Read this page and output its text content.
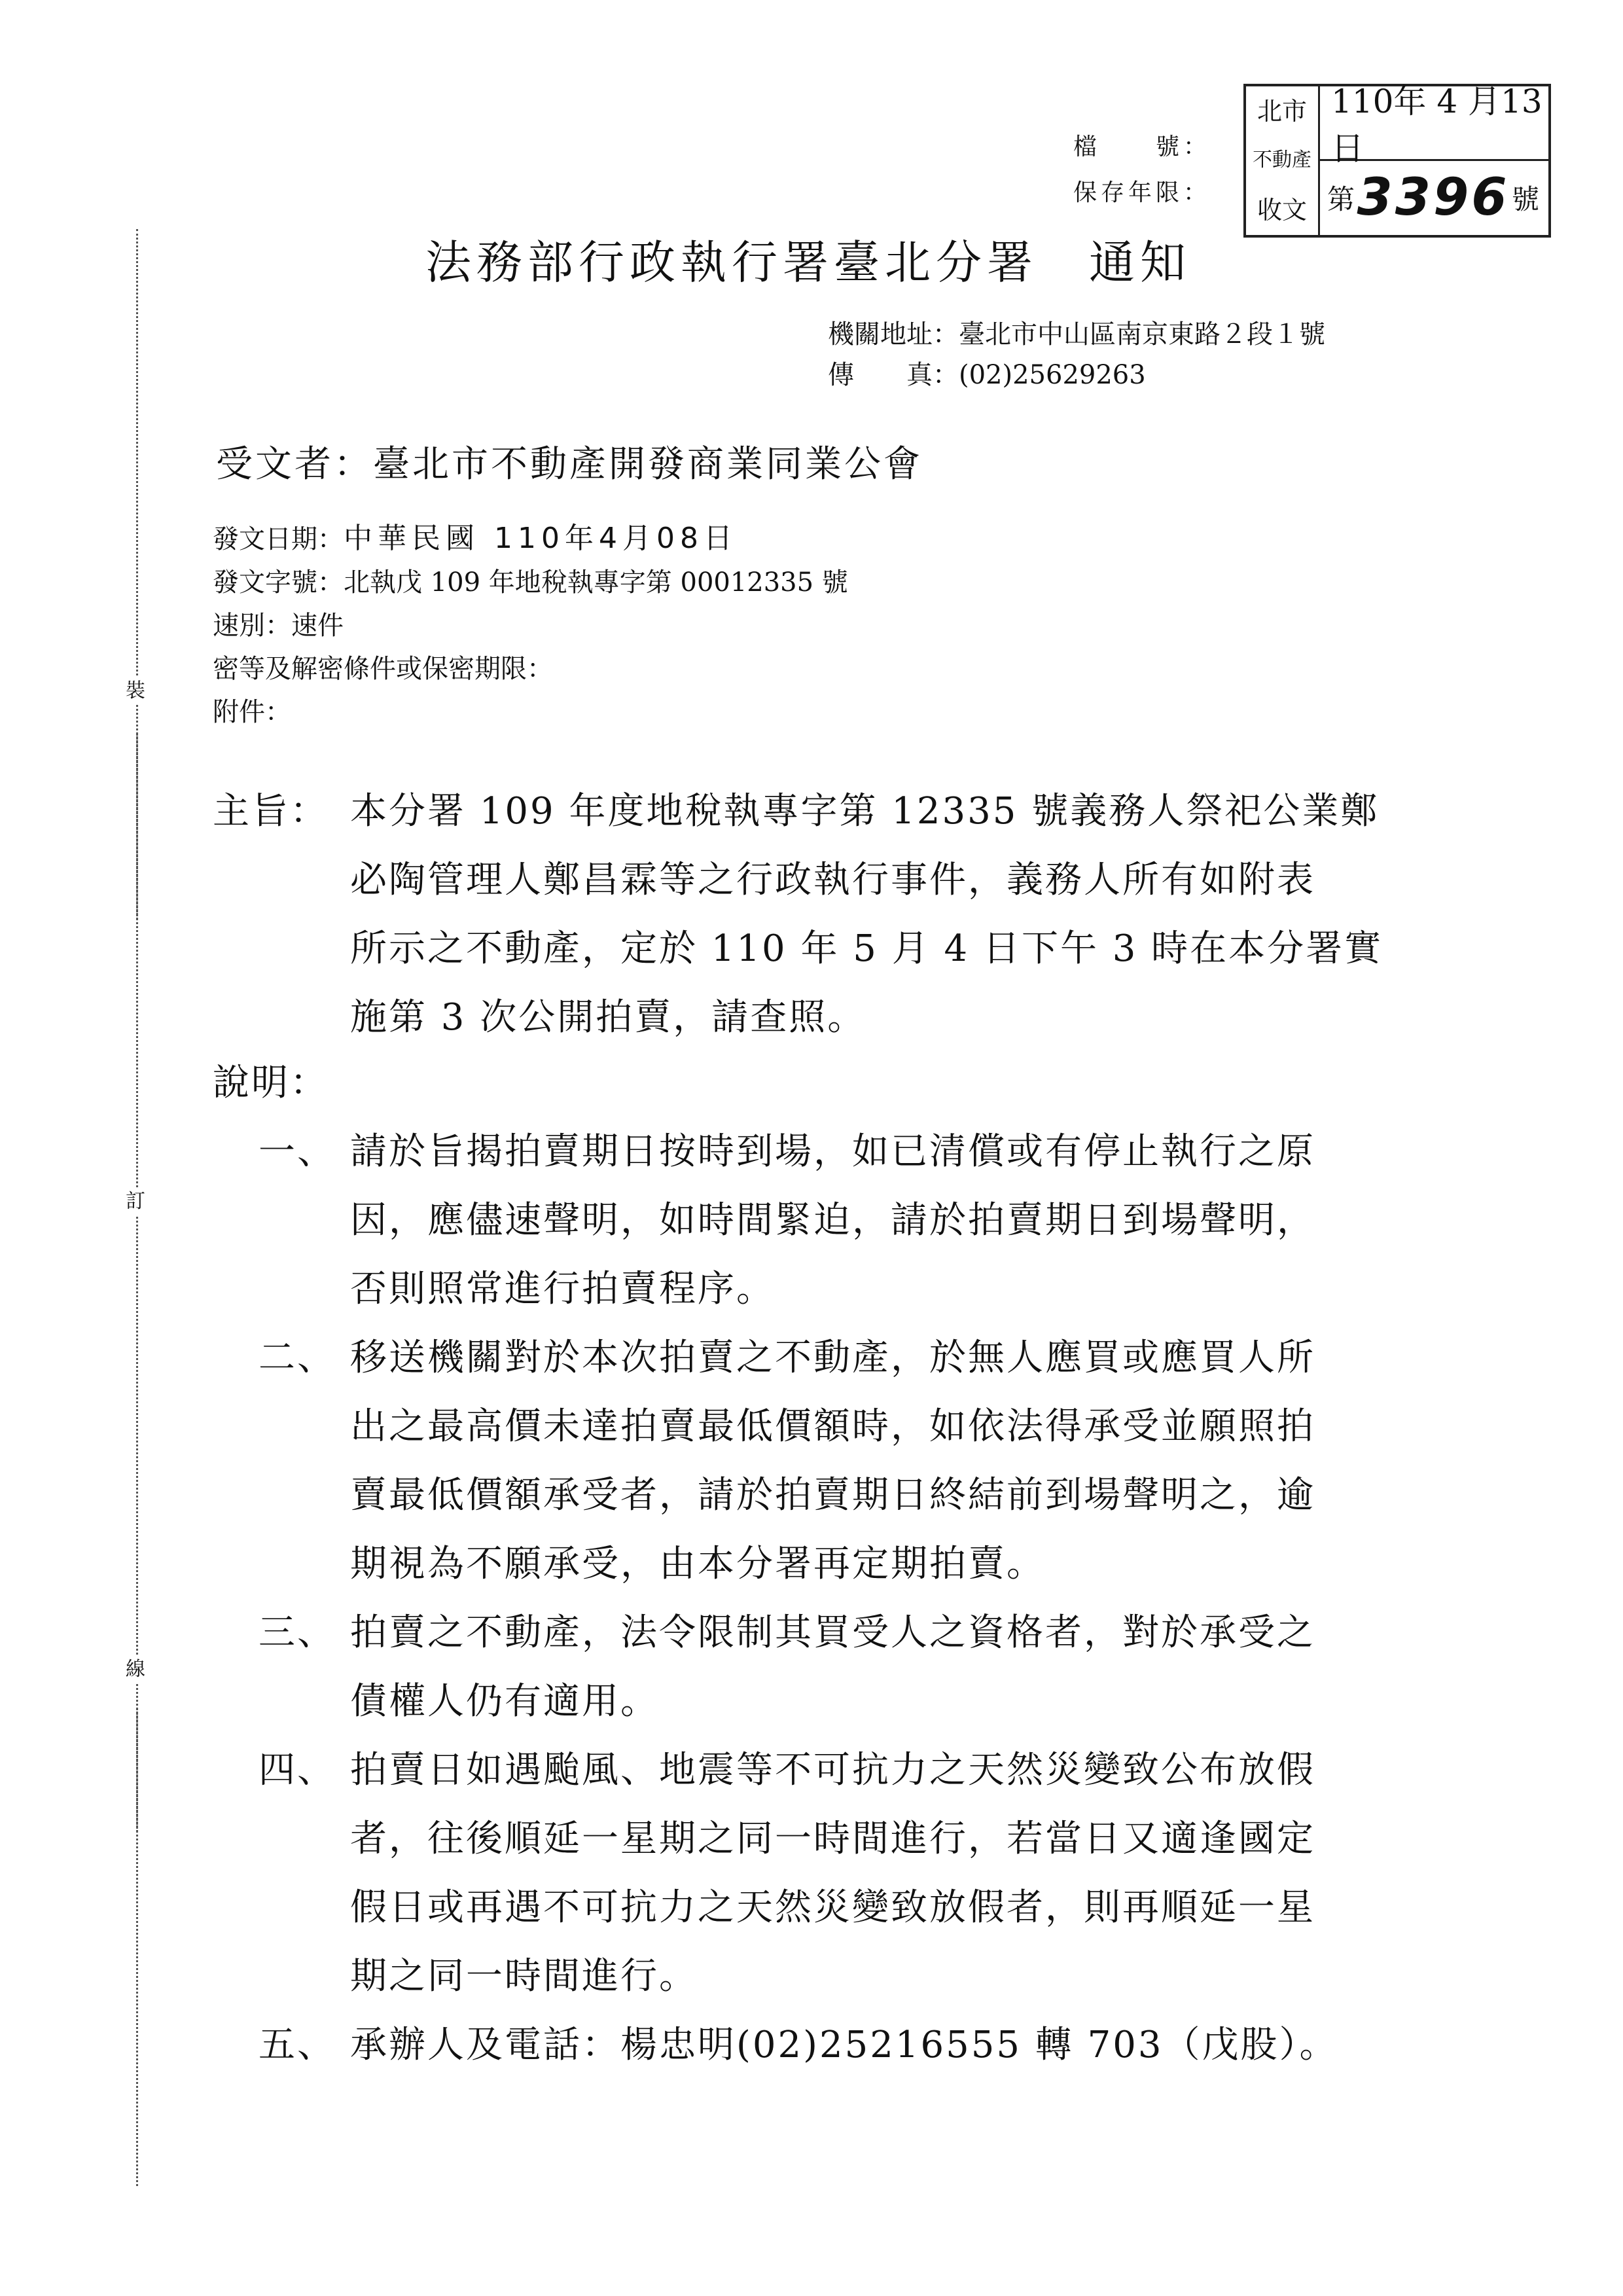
裝
訂
線
檔　　號：
保存年限：
北市
不動產
收文
110年 4 月13日
第 3396 號
法務部行政執行署臺北分署　通知
機關地址：臺北市中山區南京東路２段１號
傳　　真：(02)25629263
受文者：臺北市不動產開發商業同業公會
發文日期：中華民國 110年4月08日
發文字號：北執戊 109 年地稅執專字第 00012335 號
速別：速件
密等及解密條件或保密期限：
附件：
主旨： 本分署 109 年度地稅執專字第 12335 號義務人祭祀公業鄭
必陶管理人鄭昌霖等之行政執行事件，義務人所有如附表
所示之不動產，定於 110 年 5 月 4 日下午 3 時在本分署實
施第 3 次公開拍賣，請查照。
說明：
一、 請於旨揭拍賣期日按時到場，如已清償或有停止執行之原
因，應儘速聲明，如時間緊迫，請於拍賣期日到場聲明，
否則照常進行拍賣程序。
二、 移送機關對於本次拍賣之不動產，於無人應買或應買人所
出之最高價未達拍賣最低價額時，如依法得承受並願照拍
賣最低價額承受者，請於拍賣期日終結前到場聲明之，逾
期視為不願承受，由本分署再定期拍賣。
三、 拍賣之不動產，法令限制其買受人之資格者，對於承受之
債權人仍有適用。
四、 拍賣日如遇颱風、地震等不可抗力之天然災變致公布放假
者，往後順延一星期之同一時間進行，若當日又適逢國定
假日或再遇不可抗力之天然災變致放假者，則再順延一星
期之同一時間進行。
五、 承辦人及電話：楊忠明(02)25216555 轉 703（戊股）。
